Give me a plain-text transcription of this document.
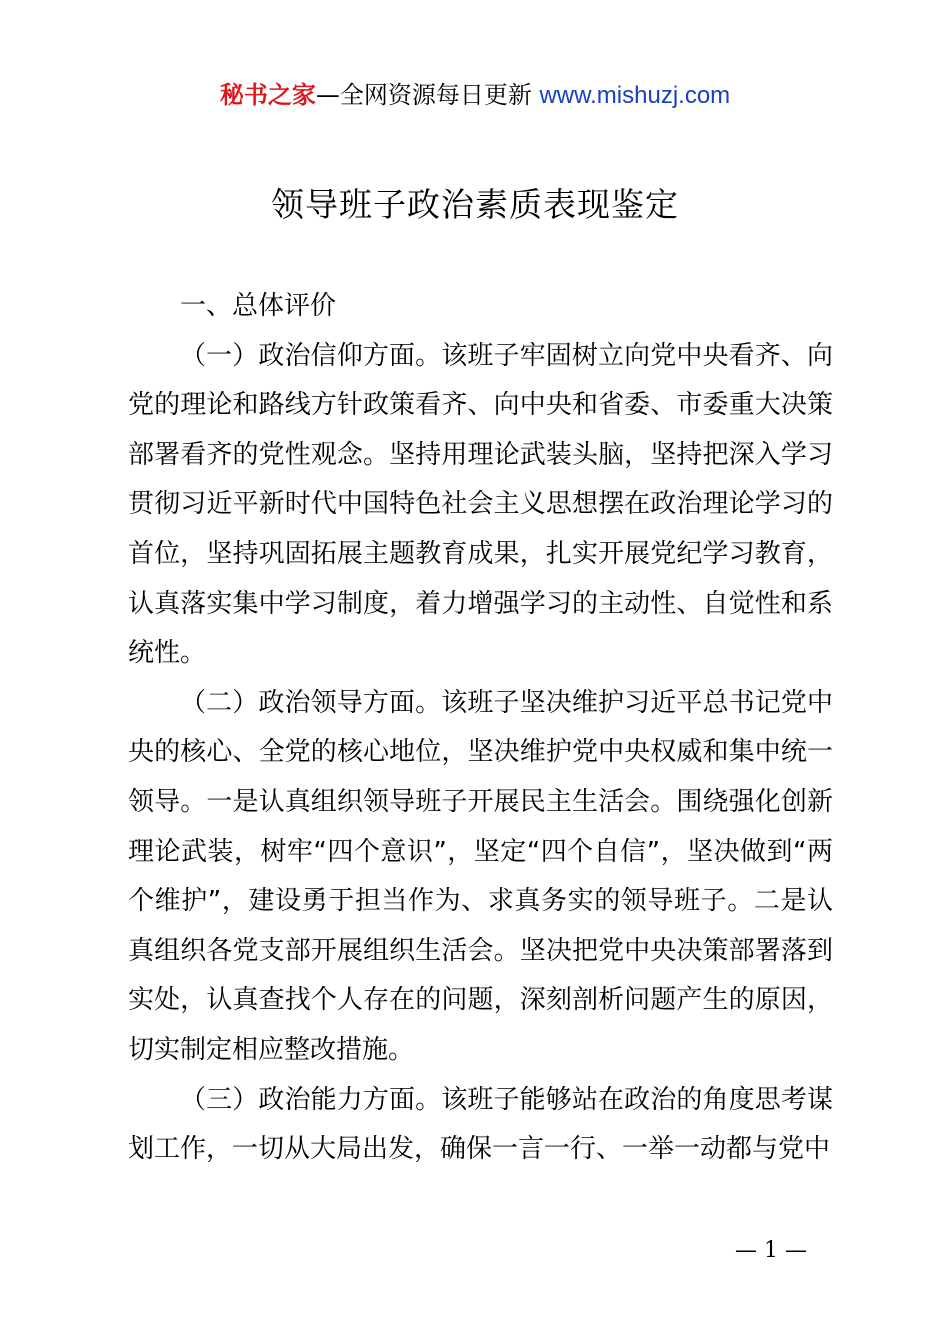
秘书之家—全网资源每日更新 www.mishuzj.com
领导班子政治素质表现鉴定

一、总体评价

（一）政治信仰方面。该班子牢固树立向党中央看齐、向党的理论和路线方针政策看齐、向中央和省委、市委重大决策部署看齐的党性观念。坚持用理论武装头脑，坚持把深入学习贯彻习近平新时代中国特色社会主义思想摆在政治理论学习的首位，坚持巩固拓展主题教育成果，扎实开展党纪学习教育，认真落实集中学习制度，着力增强学习的主动性、自觉性和系统性。

（二）政治领导方面。该班子坚决维护习近平总书记党中央的核心、全党的核心地位，坚决维护党中央权威和集中统一领导。一是认真组织领导班子开展民主生活会。围绕强化创新理论武装，树牢“四个意识”，坚定“四个自信”，坚决做到“两个维护”，建设勇于担当作为、求真务实的领导班子。二是认真组织各党支部开展组织生活会。坚决把党中央决策部署落到实处，认真查找个人存在的问题，深刻剖析问题产生的原因，切实制定相应整改措施。

（三）政治能力方面。该班子能够站在政治的角度思考谋划工作，一切从大局出发，确保一言一行、一举一动都与党中

— 1 —
